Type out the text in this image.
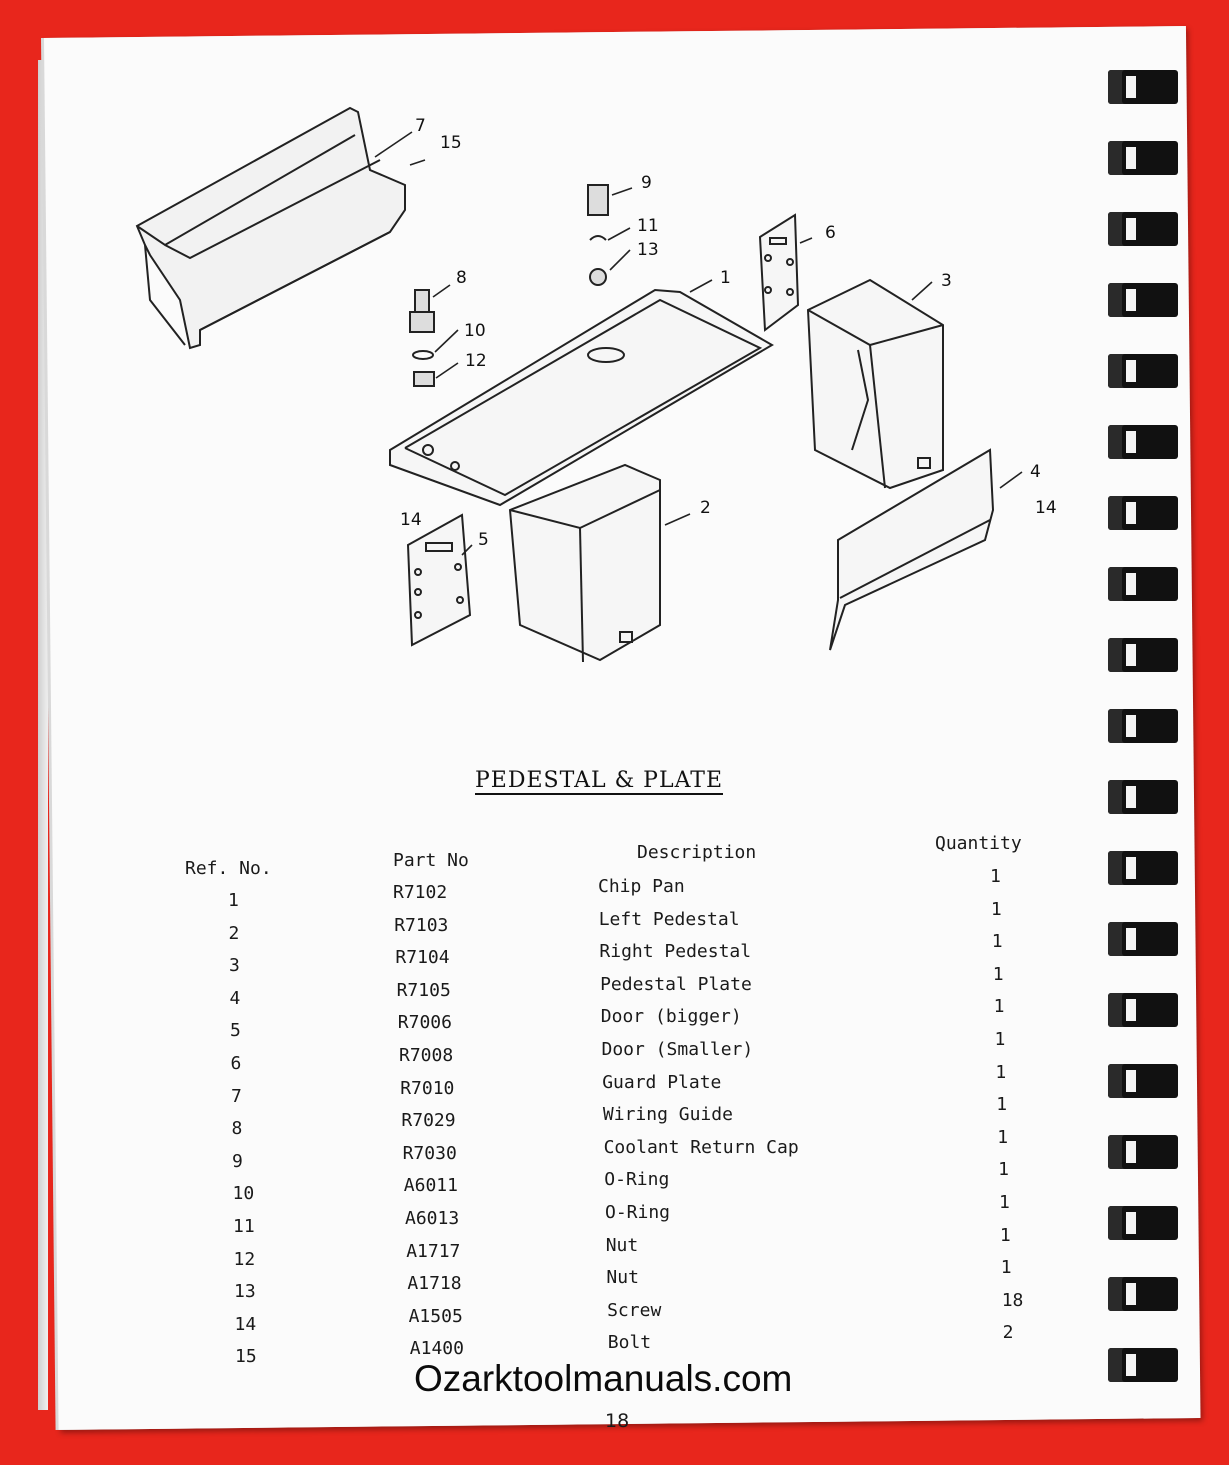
7
15
9
11
13
6
1	3
8
10
12
4
14
14
5
2
PEDESTAL & PLATE
Ref. No.	Part No	Description	Quantity
1	R7102	Chip Pan	1
2	R7103	Left Pedestal	1
3	R7104	Right Pedestal	1
4	R7105	Pedestal Plate	1
5	R7006	Door (bigger)	1
6	R7008	Door (Smaller)	1
7	R7010	Guard Plate	1
8	R7029	Wiring Guide	1
9	R7030	Coolant Return Cap	1
10	A6011	O-Ring	1
11	A6013	O-Ring	1
12	A1717	Nut	1
13	A1718	Nut	1
14	A1505	Screw	18
15	A1400	Bolt	2
Ozarktoolmanuals.com
18
